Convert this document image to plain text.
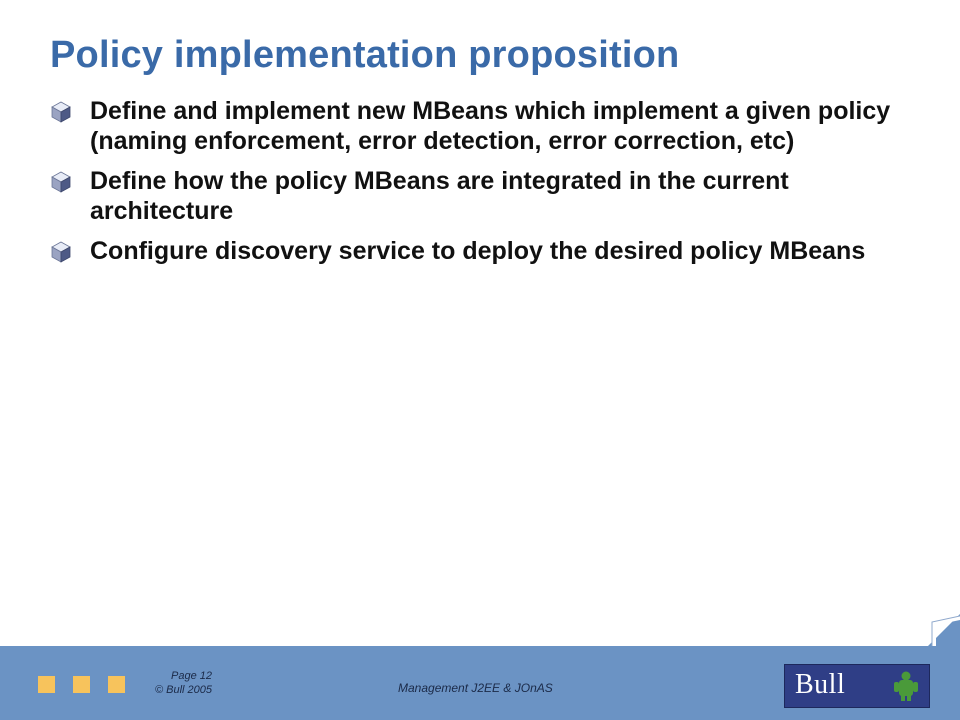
Policy implementation proposition
Define and implement new MBeans which implement a given policy (naming enforcement, error detection, error correction, etc)
Define how the policy MBeans are integrated in the current architecture
Configure discovery service to deploy the desired policy MBeans
Page 12
© Bull 2005	Management J2EE & JOnAS	Bull
